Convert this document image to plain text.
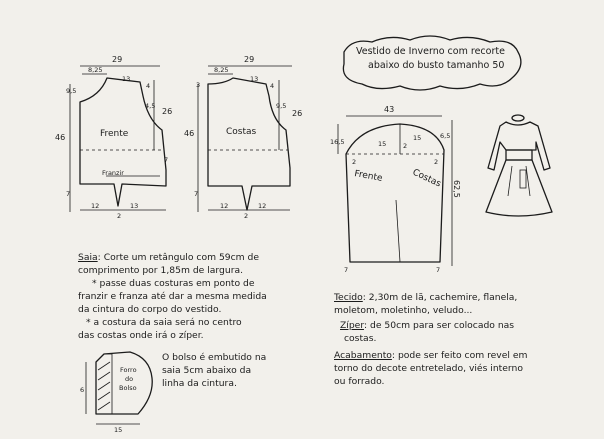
29
8,25
13
46
9,5
7
4
4,5
26
7
12	13
2
Frente
Franzir
29
8,25
13
46
3
7
4
9,5
26
12	12
2
Costas
43
16,5	15
15
2
2	2
6,5
62,5
7	7
Frente	Costas
6
15
Forro
do
Bolso
Vestido de Inverno com recorte
abaixo do busto tamanho 50
Saia: Corte um retângulo com 59cm de
comprimento por 1,85m de largura.
* passe duas costuras em ponto de
franzir e franza até dar a mesma medida
da cintura do corpo do vestido.
* a costura da saia será no centro
das costas onde irá o zíper.
O bolso é embutido na
saia 5cm abaixo da
linha da cintura.
Tecido: 2,30m de lã, cachemire, flanela,
moletom, moletinho, veludo...
Zíper: de 50cm para ser colocado nas
costas.
Acabamento: pode ser feito com revel em
torno do decote entretelado, viés interno
ou forrado.
